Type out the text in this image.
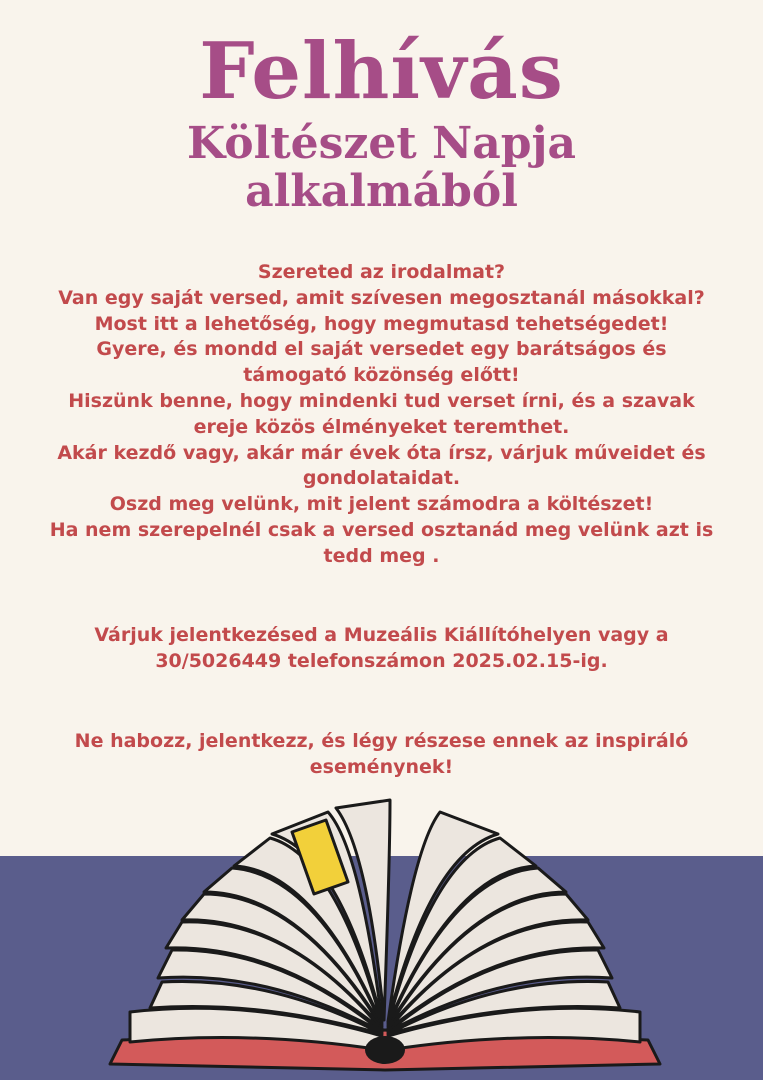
Felhívás
Költészet Napja
alkalmából
Szereted az irodalmat?
Van egy saját versed, amit szívesen megosztanál másokkal?
Most itt a lehetőség, hogy megmutasd tehetségedet!
Gyere, és mondd el saját versedet egy barátságos és
támogató közönség előtt!
Hiszünk benne, hogy mindenki tud verset írni, és a szavak
ereje közös élményeket teremthet.
Akár kezdő vagy, akár már évek óta írsz, várjuk műveidet és
gondolataidat.
Oszd meg velünk, mit jelent számodra a költészet!
Ha nem szerepelnél csak a versed osztanád meg velünk azt is
tedd meg .
Várjuk jelentkezésed a Muzeális Kiállítóhelyen vagy a
30/5026449 telefonszámon 2025.02.15-ig.
Ne habozz, jelentkezz, és légy részese ennek az inspiráló
eseménynek!
